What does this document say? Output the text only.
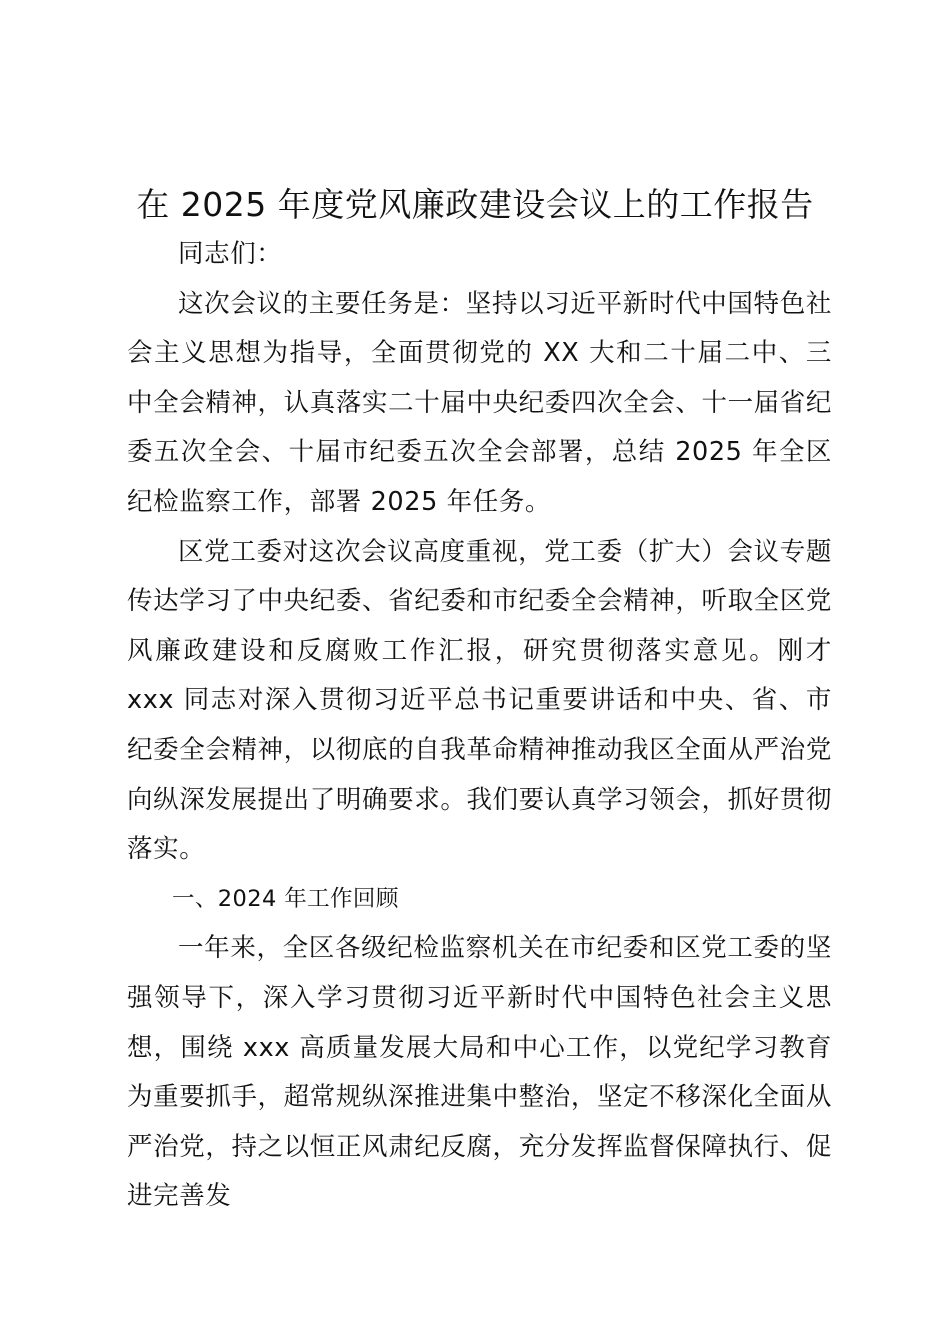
在 2025 年度党风廉政建设会议上的工作报告

同志们：

这次会议的主要任务是：坚持以习近平新时代中国特色社会主义思想为指导，全面贯彻党的 XX 大和二十届二中、三中全会精神，认真落实二十届中央纪委四次全会、十一届省纪委五次全会、十届市纪委五次全会部署，总结 2025 年全区纪检监察工作，部署 2025 年任务。

区党工委对这次会议高度重视，党工委（扩大）会议专题传达学习了中央纪委、省纪委和市纪委全会精神，听取全区党风廉政建设和反腐败工作汇报，研究贯彻落实意见。刚才 xxx 同志对深入贯彻习近平总书记重要讲话和中央、省、市纪委全会精神，以彻底的自我革命精神推动我区全面从严治党向纵深发展提出了明确要求。我们要认真学习领会，抓好贯彻落实。

一、2024 年工作回顾

一年来，全区各级纪检监察机关在市纪委和区党工委的坚强领导下，深入学习贯彻习近平新时代中国特色社会主义思想，围绕 xxx 高质量发展大局和中心工作，以党纪学习教育为重要抓手，超常规纵深推进集中整治，坚定不移深化全面从严治党，持之以恒正风肃纪反腐，充分发挥监督保障执行、促进完善发
